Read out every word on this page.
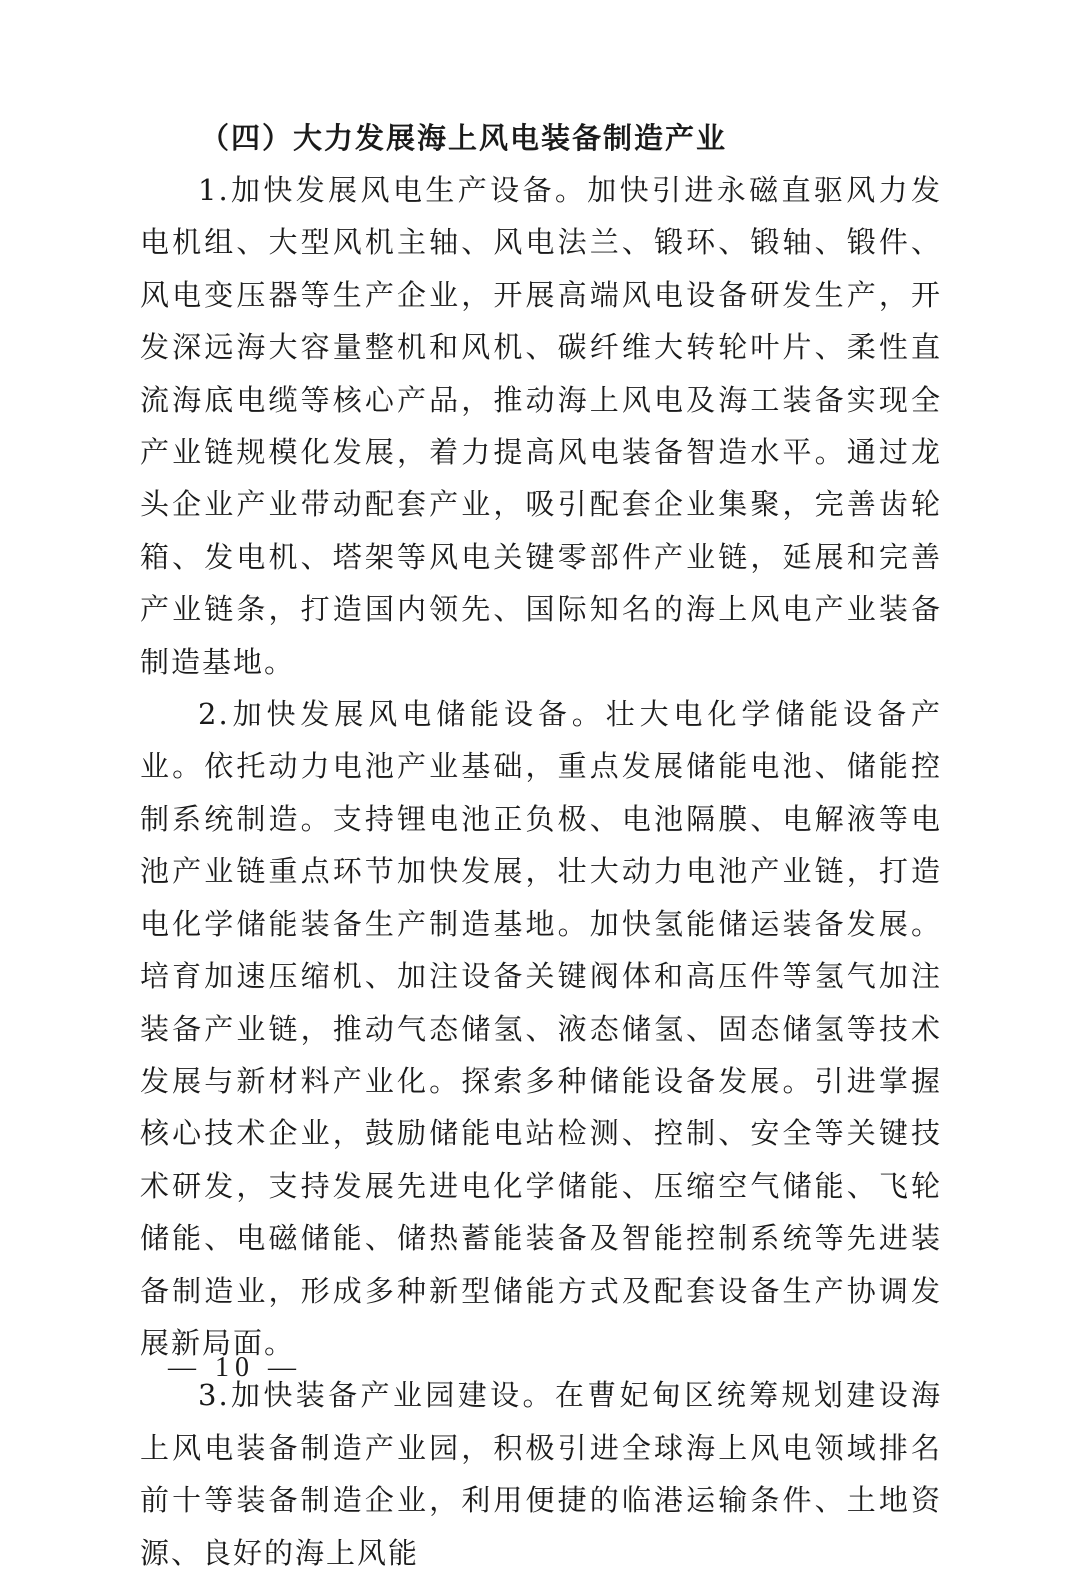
（四）大力发展海上风电装备制造产业

1.加快发展风电生产设备。加快引进永磁直驱风力发电机组、大型风机主轴、风电法兰、锻环、锻轴、锻件、风电变压器等生产企业，开展高端风电设备研发生产，开发深远海大容量整机和风机、碳纤维大转轮叶片、柔性直流海底电缆等核心产品，推动海上风电及海工装备实现全产业链规模化发展，着力提高风电装备智造水平。通过龙头企业产业带动配套产业，吸引配套企业集聚，完善齿轮箱、发电机、塔架等风电关键零部件产业链，延展和完善产业链条，打造国内领先、国际知名的海上风电产业装备制造基地。

2.加快发展风电储能设备。壮大电化学储能设备产业。依托动力电池产业基础，重点发展储能电池、储能控制系统制造。支持锂电池正负极、电池隔膜、电解液等电池产业链重点环节加快发展，壮大动力电池产业链，打造电化学储能装备生产制造基地。加快氢能储运装备发展。培育加速压缩机、加注设备关键阀体和高压件等氢气加注装备产业链，推动气态储氢、液态储氢、固态储氢等技术发展与新材料产业化。探索多种储能设备发展。引进掌握核心技术企业，鼓励储能电站检测、控制、安全等关键技术研发，支持发展先进电化学储能、压缩空气储能、飞轮储能、电磁储能、储热蓄能装备及智能控制系统等先进装备制造业，形成多种新型储能方式及配套设备生产协调发展新局面。

3.加快装备产业园建设。在曹妃甸区统筹规划建设海上风电装备制造产业园，积极引进全球海上风电领域排名前十等装备制造企业，利用便捷的临港运输条件、土地资源、良好的海上风能

— 10 —
